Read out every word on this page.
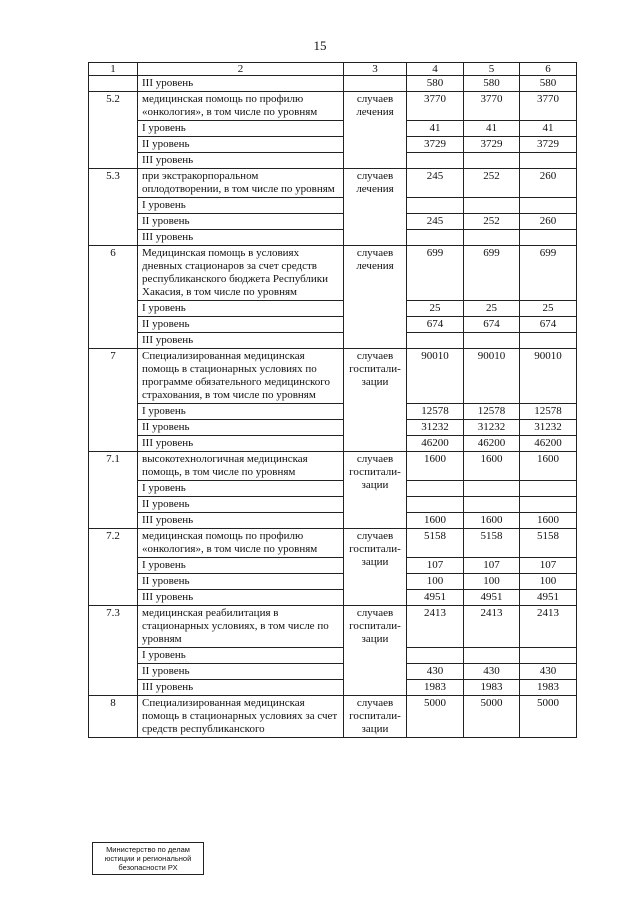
15
1	2	3	4	5	6
	III уровень		580	580	580
5.2	медицинская помощь по профилю «онкология», в том числе по уровням	случаев лечения	3770	3770	3770
	I уровень		41	41	41
	II уровень		3729	3729	3729
	III уровень				
5.3	при экстракорпоральном оплодотворении, в том числе по уровням	случаев лечения	245	252	260
	I уровень				
	II уровень		245	252	260
	III уровень				
6	Медицинская помощь в условиях дневных стационаров за счет средств республиканского бюджета Республики Хакасия, в том числе по уровням	случаев лечения	699	699	699
	I уровень		25	25	25
	II уровень		674	674	674
	III уровень				
7	Специализированная медицинская помощь в стационарных условиях по программе обязательного медицинского страхования, в том числе по уровням	случаев госпитали-зации	90010	90010	90010
	I уровень		12578	12578	12578
	II уровень		31232	31232	31232
	III уровень		46200	46200	46200
7.1	высокотехнологичная медицинская помощь, в том числе по уровням	случаев госпитали-зации	1600	1600	1600
	I уровень				
	II уровень				
	III уровень		1600	1600	1600
7.2	медицинская помощь по профилю «онкология», в том числе по уровням	случаев госпитали-зации	5158	5158	5158
	I уровень		107	107	107
	II уровень		100	100	100
	III уровень		4951	4951	4951
7.3	медицинская реабилитация в стационарных условиях, в том числе по уровням	случаев госпитали-зации	2413	2413	2413
	I уровень				
	II уровень		430	430	430
	III уровень		1983	1983	1983
8	Специализированная медицинская помощь в стационарных условиях за счет средств республиканского	случаев госпитали-зации	5000	5000	5000
Министерство по делам
юстиции и региональной
безопасности РХ
